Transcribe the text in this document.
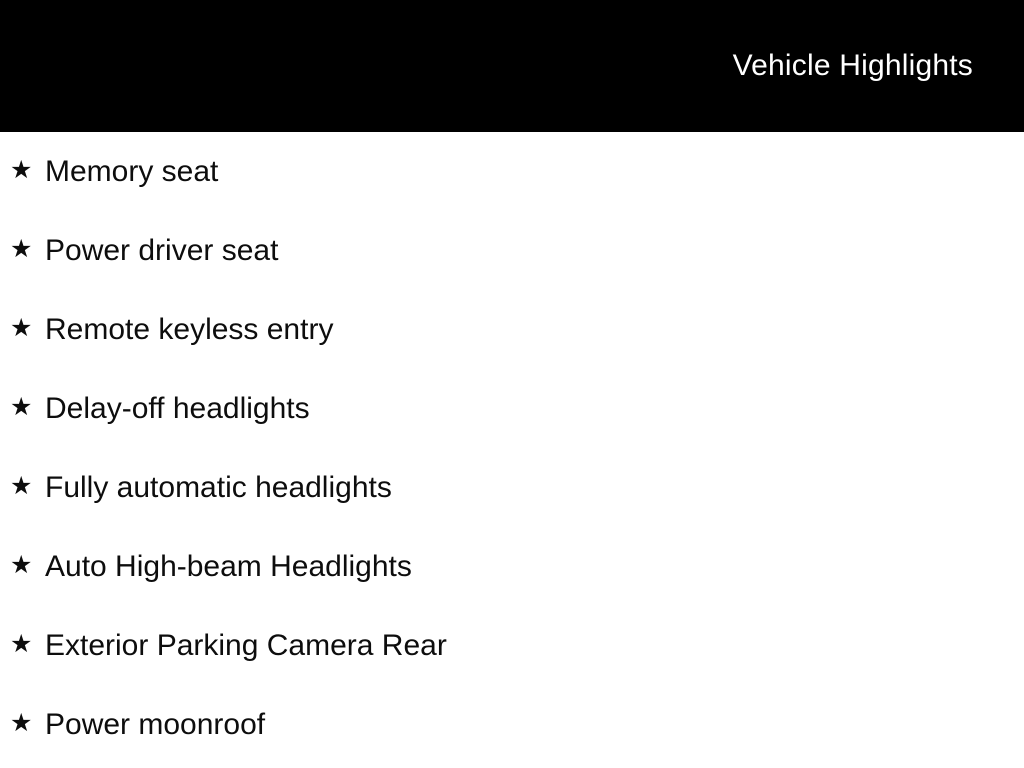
Vehicle Highlights
★ Memory seat
★ Power driver seat
★ Remote keyless entry
★ Delay-off headlights
★ Fully automatic headlights
★ Auto High-beam Headlights
★ Exterior Parking Camera Rear
★ Power moonroof
